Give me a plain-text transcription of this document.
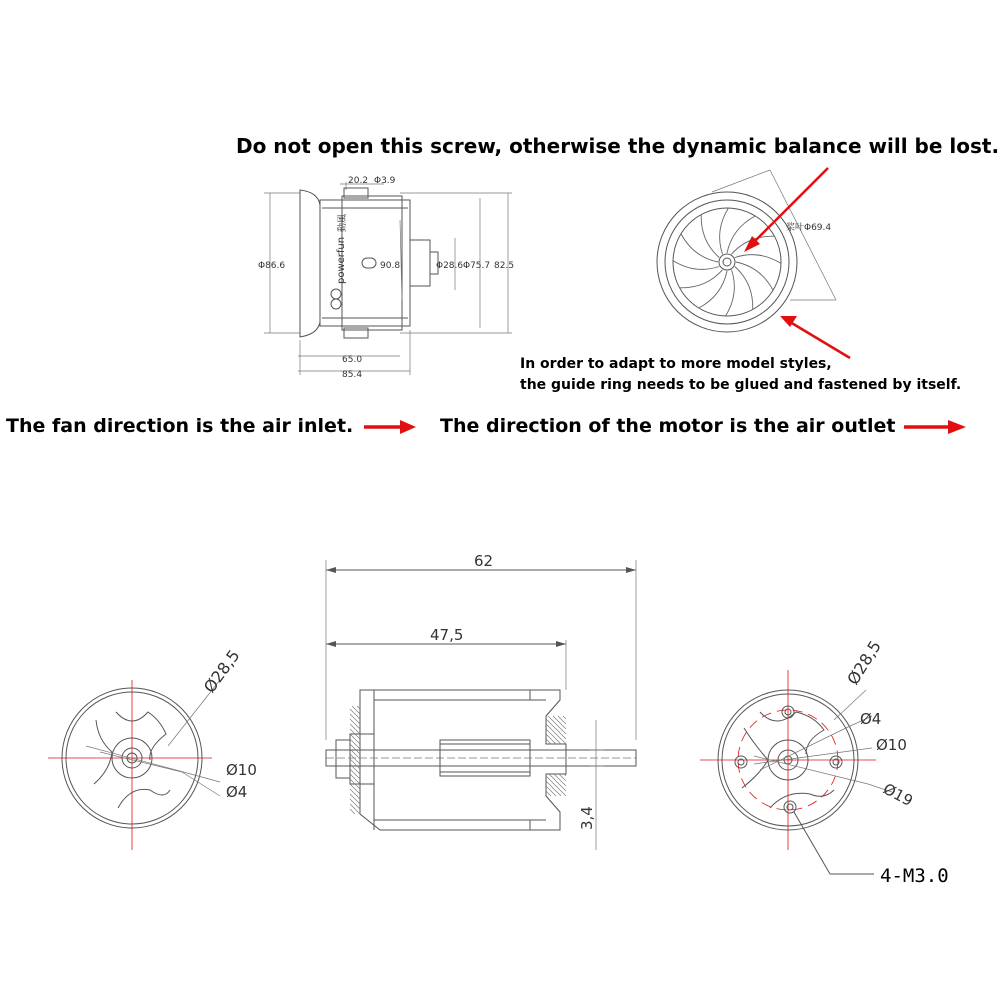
Do not open this screw, otherwise the dynamic balance will be lost.
In order to adapt to more model styles,
the guide ring needs to be glued and fastened by itself.
The fan direction is the air inlet.	The direction of the motor is the air outlet
powerfun
動風
Φ86.6
20.2 Φ3.9
90.8	Φ28.6 Φ75.7 82.5
65.0
85.4
桨叶Φ69.4
Ø28,5
Ø10
Ø4
62
47,5
3,4
Ø28,5
Ø4
Ø10
Ø19
4-M3.0
